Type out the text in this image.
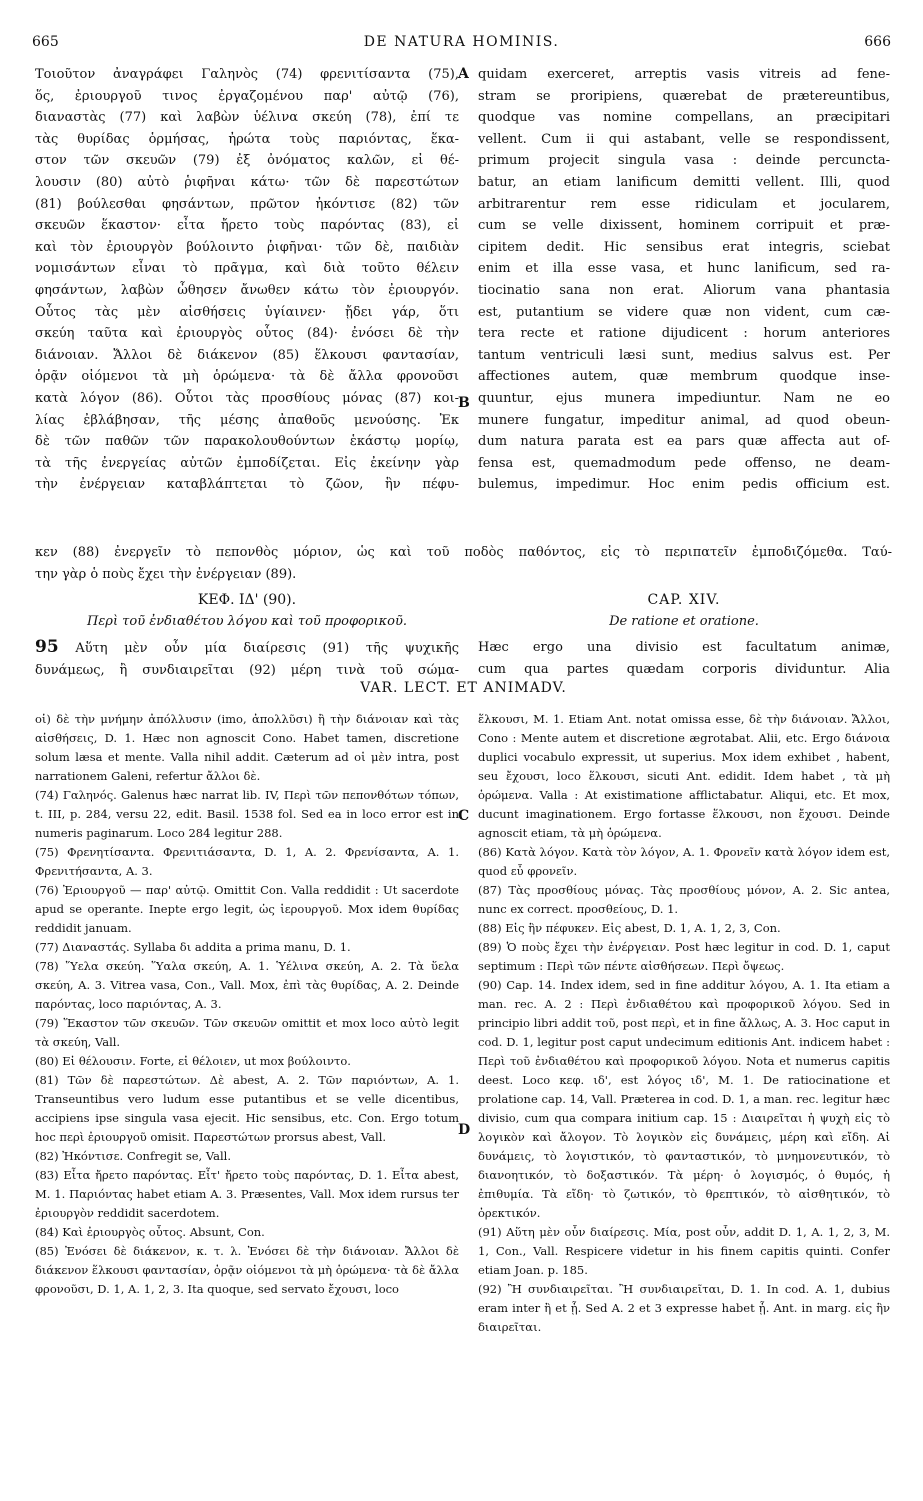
665	DE NATURA HOMINIS.	666
Τοιοῦτον ἀναγράφει Γαληνὸς (74) φρενιτίσαντα (75),
ὅς, ἐριουργοῦ τινος ἐργαζομένου παρ' αὐτῷ (76),
διαναστὰς (77) καὶ λαβὼν ὑέλινα σκεύη (78), ἐπί τε
τὰς θυρίδας ὁρμήσας, ἠρώτα τοὺς παριόντας, ἕκα-
στον τῶν σκευῶν (79) ἐξ ὀνόματος καλῶν, εἰ θέ-
λουσιν (80) αὐτὸ ῥιφῆναι κάτω· τῶν δὲ παρεστώτων
(81) βούλεσθαι φησάντων, πρῶτον ἠκόντισε (82) τῶν
σκευῶν ἕκαστον· εἶτα ἤρετο τοὺς παρόντας (83), εἰ
καὶ τὸν ἐριουργὸν βούλοιντο ῥιφῆναι· τῶν δὲ, παιδιὰν
νομισάντων εἶναι τὸ πρᾶγμα, καὶ διὰ τοῦτο θέλειν
φησάντων, λαβὼν ὦθησεν ἄνωθεν κάτω τὸν ἐριουργόν.
Οὗτος τὰς μὲν αἰσθήσεις ὑγίαινεν· ᾔδει γάρ, ὅτι
σκεύη ταῦτα καὶ ἐριουργὸς οὗτος (84)· ἐνόσει δὲ τὴν
διάνοιαν. Ἄλλοι δὲ διάκενον (85) ἕλκουσι φαντασίαν,
ὁρᾷν οἰόμενοι τὰ μὴ ὁρώμενα· τὰ δὲ ἄλλα φρονοῦσι
κατὰ λόγον (86). Οὗτοι τὰς προσθίους μόνας (87) κοι-
λίας ἐβλάβησαν, τῆς μέσης ἀπαθοῦς μενούσης. Ἐκ
δὲ τῶν παθῶν τῶν παρακολουθούντων ἑκάστῳ μορίῳ,
τὰ τῆς ἐνεργείας αὐτῶν ἐμποδίζεται. Εἰς ἐκείνην γὰρ
τὴν ἐνέργειαν καταβλάπτεται τὸ ζῶον, ἣν πέφυ-
quidam exerceret, arreptis vasis vitreis ad fene-
stram se proripiens, quærebat de prætereuntibus,
quodque vas nomine compellans, an præcipitari
vellent. Cum ii qui astabant, velle se respondissent,
primum projecit singula vasa : deinde percuncta-
batur, an etiam lanificum demitti vellent. Illi, quod
arbitrarentur rem esse ridiculam et jocularem,
cum se velle dixissent, hominem corripuit et præ-
cipitem dedit. Hic sensibus erat integris, sciebat
enim et illa esse vasa, et hunc lanificum, sed ra-
tiocinatio sana non erat. Aliorum vana phantasia
est, putantium se videre quæ non vident, cum cæ-
tera recte et ratione dijudicent : horum anteriores
tantum ventriculi læsi sunt, medius salvus est. Per
affectiones autem, quæ membrum quodque inse-
quuntur, ejus munera impediuntur. Nam ne eo
munere fungatur, impeditur animal, ad quod obeun-
dum natura parata est ea pars quæ affecta aut of-
fensa est, quemadmodum pede offenso, ne deam-
bulemus, impedimur. Hoc enim pedis officium est.
A
B
κεν (88) ἐνεργεῖν τὸ πεπονθὸς μόριον, ὡς καὶ τοῦ ποδὸς παθόντος, εἰς τὸ περιπατεῖν ἐμποδιζόμεθα. Ταύ-
την γὰρ ὁ ποὺς ἔχει τὴν ἐνέργειαν (89).
ΚΕΦ. ΙΔ' (90).
Περὶ τοῦ ἐνδιαθέτου λόγου καὶ τοῦ προφορικοῦ.
CAP. XIV.
De ratione et oratione.
95 Αὕτη μὲν οὖν μία διαίρεσις (91) τῆς ψυχικῆς
δυνάμεως, ἢ συνδιαιρεῖται (92) μέρη τινὰ τοῦ σώμα-
Hæc ergo una divisio est facultatum animæ,
cum qua partes quædam corporis dividuntur. Alia
VAR. LECT. ET ANIMADV.
οἱ) δὲ τὴν μνήμην ἀπόλλυσιν (imo, ἀπολλῦσι) ἢ τὴν διάνοιαν καὶ τὰς αἰσθήσεις, D. 1. Hæc non agnoscit Cono. Habet tamen, discretione solum læsa et mente. Valla nihil addit. Cæterum ad οἱ μὲν intra, post narrationem Galeni, refertur ἄλλοι δὲ.
(74) Γαληνός. Galenus hæc narrat lib. IV, Περὶ τῶν πεπονθότων τόπων, t. III, p. 284, versu 22, edit. Basil. 1538 fol. Sed ea in loco error est in numeris paginarum. Loco 284 legitur 288.
(75) Φρενητίσαντα. Φρενιτιάσαντα, D. 1, A. 2. Φρενίσαντα, A. 1. Φρενιτήσαντα, A. 3.
(76) Ἐριουργοῦ — παρ' αὐτῷ. Omittit Con. Valla reddidit : Ut sacerdote apud se operante. Inepte ergo legit, ὡς ἱερουργοῦ. Mox idem θυρίδας reddidit januam.
(77) Διαναστάς. Syllaba δι addita a prima manu, D. 1.
(78) Ὕελα σκεύη. Ὕαλα σκεύη, A. 1. Ὑέλινα σκεύη, A. 2. Τὰ ὕελα σκεύη, A. 3. Vitrea vasa, Con., Vall. Mox, ἐπὶ τὰς θυρίδας, A. 2. Deinde παρόντας, loco παριόντας, A. 3.
(79) Ἕκαστον τῶν σκευῶν. Τῶν σκευῶν omittit et mox loco αὐτὸ legit τὰ σκεύη, Vall.
(80) Εἰ θέλουσιν. Forte, εἰ θέλοιεν, ut mox βούλοιντο.
(81) Τῶν δὲ παρεστώτων. Δὲ abest, A. 2. Τῶν παριόντων, A. 1. Transeuntibus vero ludum esse putantibus et se velle dicentibus, accipiens ipse singula vasa ejecit. Hic sensibus, etc. Con. Ergo totum hoc περὶ ἐριουργοῦ omisit. Παρεστώτων prorsus abest, Vall.
(82) Ἠκόντισε. Confregit se, Vall.
(83) Εἶτα ἤρετο παρόντας. Εἶτ' ἤρετο τοὺς παρόντας, D. 1. Εἶτα abest, M. 1. Παριόντας habet etiam A. 3. Præsentes, Vall. Mox idem rursus ter ἐριουργὸν reddidit sacerdotem.
(84) Καὶ ἐριουργὸς οὗτος. Absunt, Con.
(85) Ἐνόσει δὲ διάκενον, κ. τ. λ. Ἐνόσει δὲ τὴν διάνοιαν. Ἄλλοι δὲ διάκενον ἕλκουσι φαντασίαν, ὁρᾷν οἰόμενοι τὰ μὴ ὁρώμενα· τὰ δὲ ἄλλα φρονοῦσι, D. 1, A. 1, 2, 3. Ita quoque, sed servato ἔχουσι, loco
ἕλκουσι, M. 1. Etiam Ant. notat omissa esse, δὲ τὴν διάνοιαν. Ἄλλοι, Cono : Mente autem et discretione ægrotabat. Alii, etc. Ergo διάνοια duplici vocabulo expressit, ut superius. Mox idem exhibet , habent, seu ἔχουσι, loco ἕλκουσι, sicuti Ant. edidit. Idem habet , τὰ μὴ ὁρώμενα. Valla : At existimatione afflictabatur. Aliqui, etc. Et mox, ducunt imaginationem. Ergo fortasse ἕλκουσι, non ἔχουσι. Deinde agnoscit etiam, τὰ μὴ ὁρώμενα.
(86) Κατὰ λόγον. Κατὰ τὸν λόγον, A. 1. Φρονεῖν κατὰ λόγον idem est, quod εὖ φρονεῖν.
(87) Τὰς προσθίους μόνας. Τὰς προσθίους μόνον, A. 2. Sic antea, nunc ex correct. προσθείους, D. 1.
(88) Εἰς ἣν πέφυκεν. Εἰς abest, D. 1, A. 1, 2, 3, Con.
(89) Ὁ ποὺς ἔχει τὴν ἐνέργειαν. Post hæc legitur in cod. D. 1, caput septimum : Περὶ τῶν πέντε αἰσθήσεων. Περὶ ὄψεως.
(90) Cap. 14. Index idem, sed in fine additur λόγου, A. 1. Ita etiam a man. rec. A. 2 : Περὶ ἐνδιαθέτου καὶ προφορικοῦ λόγου. Sed in principio libri addit τοῦ, post περὶ, et in fine ἄλλως, A. 3. Hoc caput in cod. D. 1, legitur post caput undecimum editionis Ant. indicem habet : Περὶ τοῦ ἐνδιαθέτου καὶ προφορικοῦ λόγου. Nota et numerus capitis deest. Loco κεφ. ιδ', est λόγος ιδ', M. 1. De ratiocinatione et prolatione cap. 14, Vall. Præterea in cod. D. 1, a man. rec. legitur hæc divisio, cum qua compara initium cap. 15 : Διαιρεῖται ἡ ψυχὴ εἰς τὸ λογικὸν καὶ ἄλογον. Τὸ λογικὸν εἰς δυνάμεις, μέρη καὶ εἴδη. Αἱ δυνάμεις, τὸ λογιστικόν, τὸ φανταστικόν, τὸ μνημονευτικόν, τὸ διανοητικόν, τὸ δοξαστικόν. Τὰ μέρη· ὁ λογισμός, ὁ θυμός, ἡ ἐπιθυμία. Τὰ εἴδη· τὸ ζωτικόν, τὸ θρεπτικόν, τὸ αἰσθητικόν, τὸ ὀρεκτικόν.
(91) Αὕτη μὲν οὖν διαίρεσις. Μία, post οὖν, addit D. 1, A. 1, 2, 3, M. 1, Con., Vall. Respicere videtur in his finem capitis quinti. Confer etiam Joan. p. 185.
(92) Ἢ συνδιαιρεῖται. Ἢ συνδιαιρεῖται, D. 1. In cod. A. 1, dubius eram inter ἢ et ᾗ. Sed A. 2 et 3 expresse habet ᾗ. Ant. in marg. εἰς ἣν διαιρεῖται.
C
D
